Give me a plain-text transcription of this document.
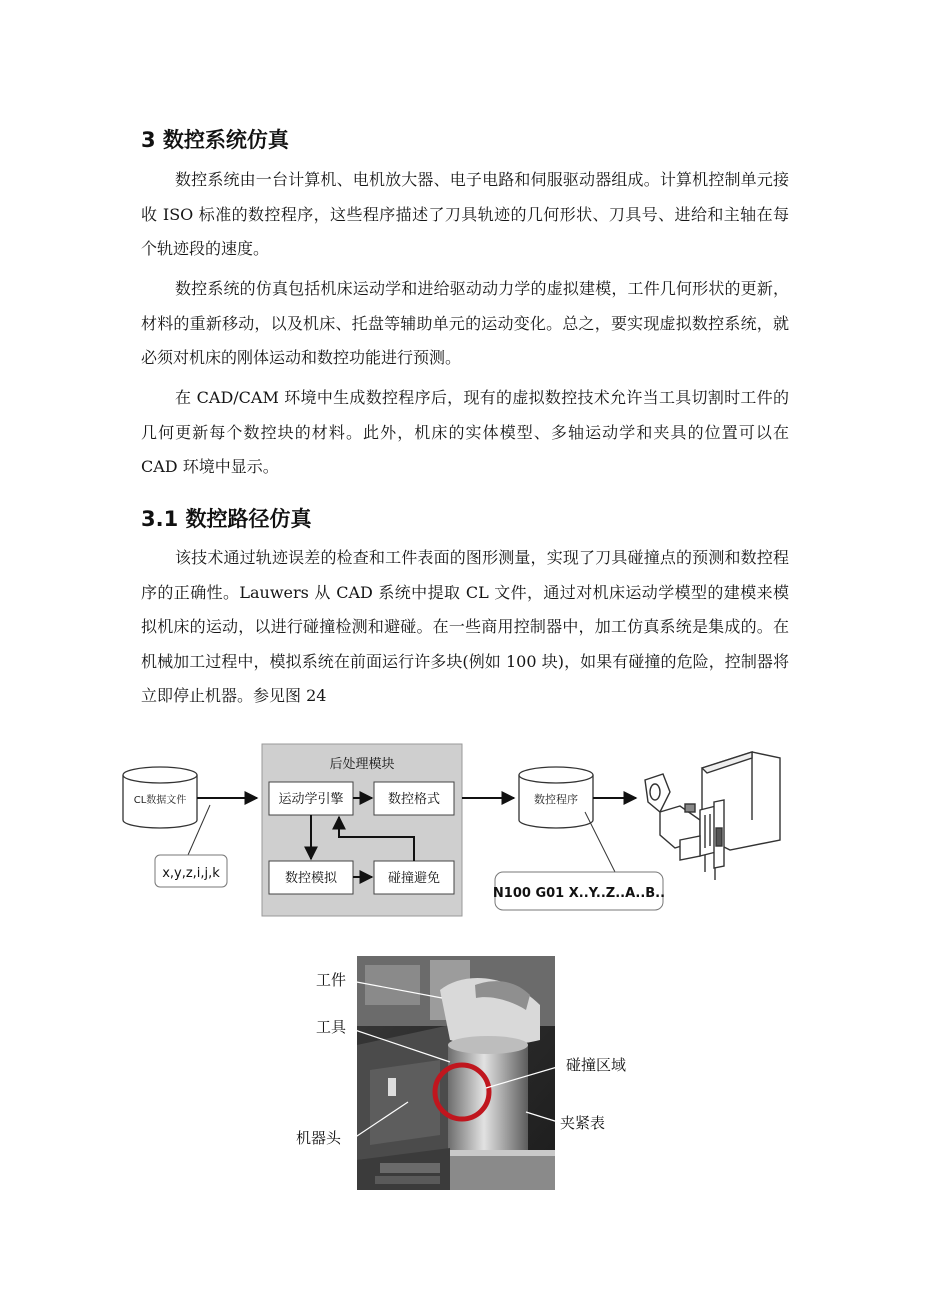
3 数控系统仿真

数控系统由一台计算机、电机放大器、电子电路和伺服驱动器组成。计算机控制单元接收 ISO 标准的数控程序，这些程序描述了刀具轨迹的几何形状、刀具号、进给和主轴在每个轨迹段的速度。

数控系统的仿真包括机床运动学和进给驱动动力学的虚拟建模，工件几何形状的更新，材料的重新移动，以及机床、托盘等辅助单元的运动变化。总之，要实现虚拟数控系统，就必须对机床的刚体运动和数控功能进行预测。

在 CAD/CAM 环境中生成数控程序后，现有的虚拟数控技术允许当工具切割时工件的几何更新每个数控块的材料。此外，机床的实体模型、多轴运动学和夹具的位置可以在 CAD 环境中显示。

3.1 数控路径仿真

该技术通过轨迹误差的检查和工件表面的图形测量，实现了刀具碰撞点的预测和数控程序的正确性。Lauwers 从 CAD 系统中提取 CL 文件，通过对机床运动学模型的建模来模拟机床的运动，以进行碰撞检测和避碰。在一些商用控制器中，加工仿真系统是集成的。在机械加工过程中，模拟系统在前面运行许多块(例如 100 块)，如果有碰撞的危险，控制器将立即停止机器。参见图 24

CL数据文件
x,y,z,i,j,k
后处理模块
运动学引擎	数控格式
数控模拟	碰撞避免
数控程序
N100 G01 X..Y..Z..A..B..
工件
工具
机器头
碰撞区域
夹紧表
